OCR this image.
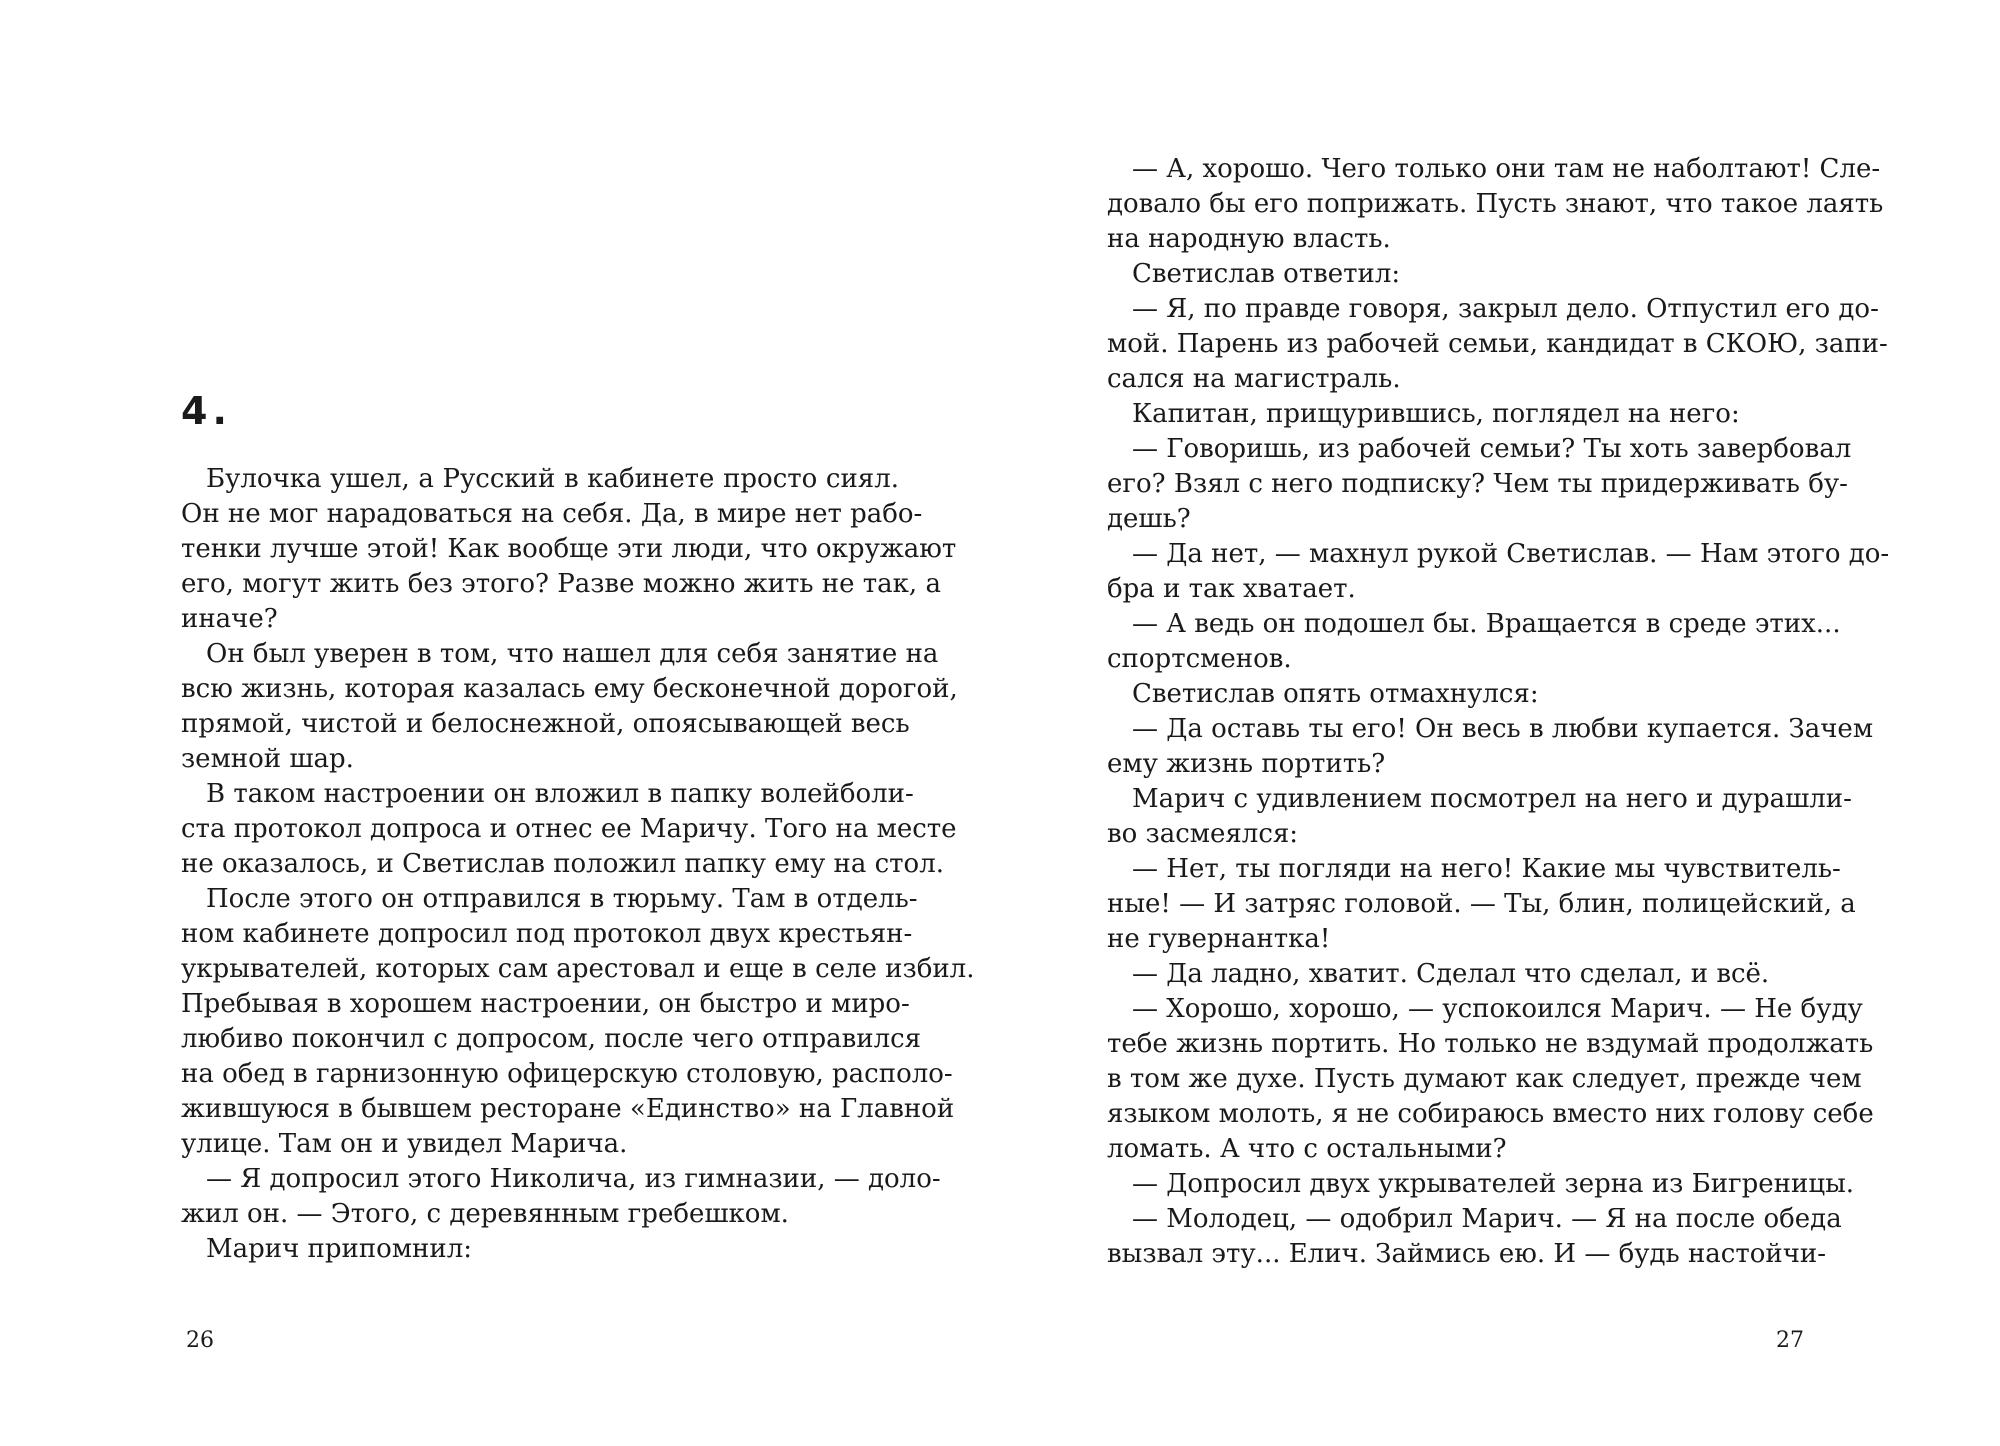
4.
Булочка ушел, а Русский в кабинете просто сиял.
Он не мог нарадоваться на себя. Да, в мире нет рабо-
тенки лучше этой! Как вообще эти люди, что окружают
его, могут жить без этого? Разве можно жить не так, а
иначе?
Он был уверен в том, что нашел для себя занятие на
всю жизнь, которая казалась ему бесконечной дорогой,
прямой, чистой и белоснежной, опоясывающей весь
земной шар.
В таком настроении он вложил в папку волейболи-
ста протокол допроса и отнес ее Маричу. Того на месте
не оказалось, и Светислав положил папку ему на стол.
После этого он отправился в тюрьму. Там в отдель-
ном кабинете допросил под протокол двух крестьян-
укрывателей, которых сам арестовал и еще в селе избил.
Пребывая в хорошем настроении, он быстро и миро-
любиво покончил с допросом, после чего отправился
на обед в гарнизонную офицерскую столовую, располо-
жившуюся в бывшем ресторане «Единство» на Главной
улице. Там он и увидел Марича.
— Я допросил этого Николича, из гимназии, — доло-
жил он. — Этого, с деревянным гребешком.
Марич припомнил:
26
— А, хорошо. Чего только они там не наболтают! Сле-
довало бы его поприжать. Пусть знают, что такое лаять
на народную власть.
Светислав ответил:
— Я, по правде говоря, закрыл дело. Отпустил его до-
мой. Парень из рабочей семьи, кандидат в СКОЮ, запи-
сался на магистраль.
Капитан, прищурившись, поглядел на него:
— Говоришь, из рабочей семьи? Ты хоть завербовал
его? Взял с него подписку? Чем ты придерживать бу-
дешь?
— Да нет, — махнул рукой Светислав. — Нам этого до-
бра и так хватает.
— А ведь он подошел бы. Вращается в среде этих...
спортсменов.
Светислав опять отмахнулся:
— Да оставь ты его! Он весь в любви купается. Зачем
ему жизнь портить?
Марич с удивлением посмотрел на него и дурашли-
во засмеялся:
— Нет, ты погляди на него! Какие мы чувствитель-
ные! — И затряс головой. — Ты, блин, полицейский, а
не гувернантка!
— Да ладно, хватит. Сделал что сделал, и всё.
— Хорошо, хорошо, — успокоился Марич. — Не буду
тебе жизнь портить. Но только не вздумай продолжать
в том же духе. Пусть думают как следует, прежде чем
языком молоть, я не собираюсь вместо них голову себе
ломать. А что с остальными?
— Допросил двух укрывателей зерна из Бигреницы.
— Молодец, — одобрил Марич. — Я на после обеда
вызвал эту... Елич. Займись ею. И — будь настойчи-
27
